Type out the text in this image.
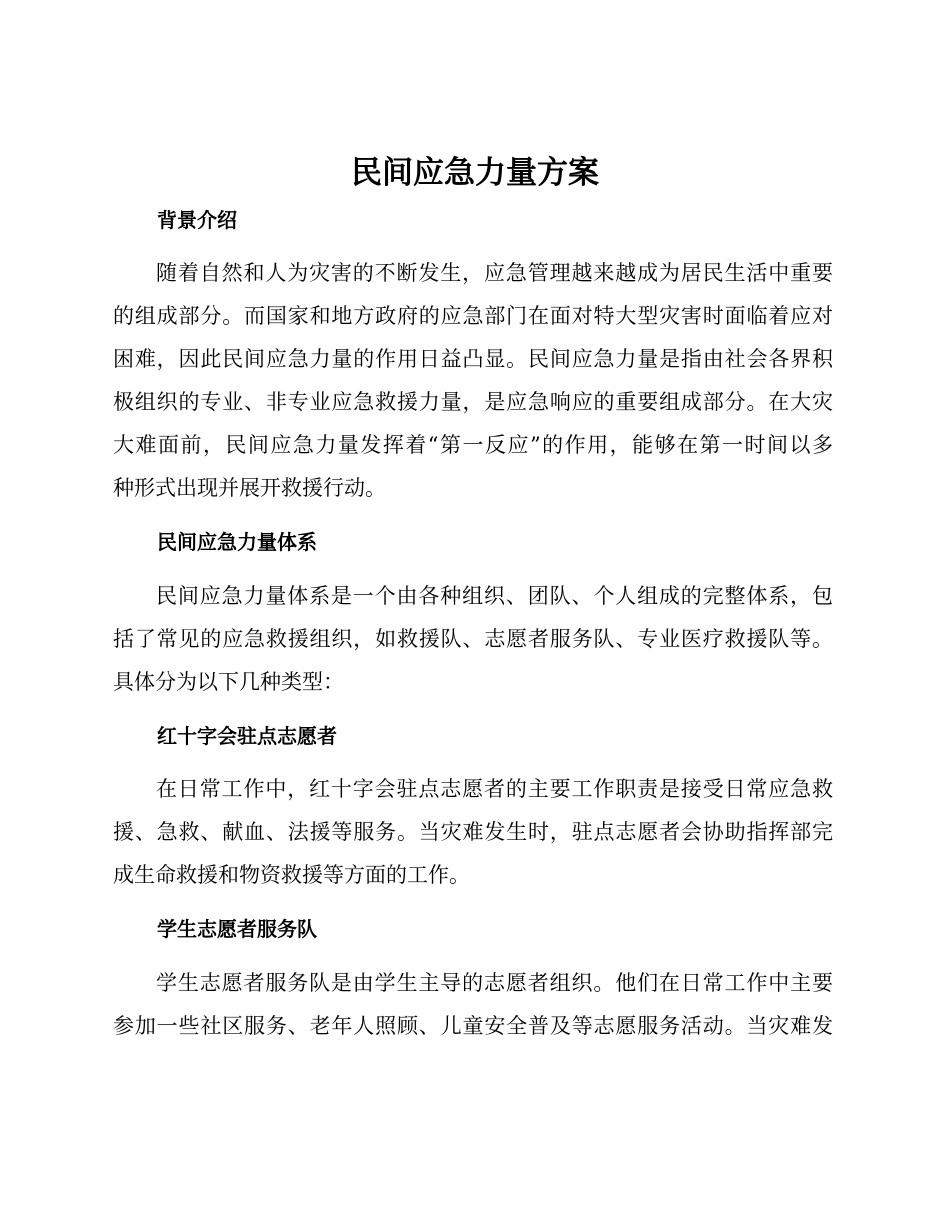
民间应急力量方案
背景介绍
随着自然和人为灾害的不断发生，应急管理越来越成为居民生活中重要
的组成部分。而国家和地方政府的应急部门在面对特大型灾害时面临着应对
困难，因此民间应急力量的作用日益凸显。民间应急力量是指由社会各界积
极组织的专业、非专业应急救援力量，是应急响应的重要组成部分。在大灾
大难面前，民间应急力量发挥着“第一反应”的作用，能够在第一时间以多
种形式出现并展开救援行动。
民间应急力量体系
民间应急力量体系是一个由各种组织、团队、个人组成的完整体系，包
括了常见的应急救援组织，如救援队、志愿者服务队、专业医疗救援队等。
具体分为以下几种类型：
红十字会驻点志愿者
在日常工作中，红十字会驻点志愿者的主要工作职责是接受日常应急救
援、急救、献血、法援等服务。当灾难发生时，驻点志愿者会协助指挥部完
成生命救援和物资救援等方面的工作。
学生志愿者服务队
学生志愿者服务队是由学生主导的志愿者组织。他们在日常工作中主要
参加一些社区服务、老年人照顾、儿童安全普及等志愿服务活动。当灾难发
